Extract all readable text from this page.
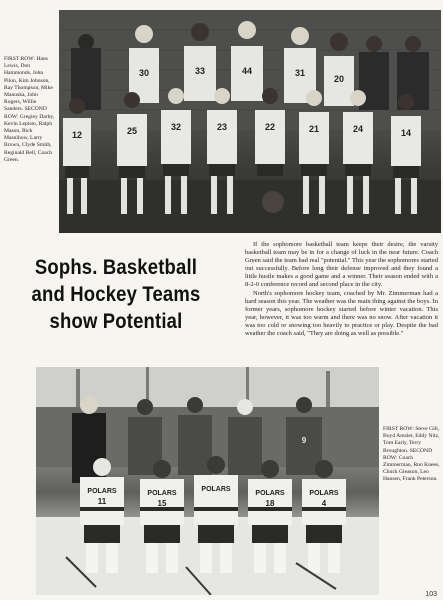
30	33	44	31
20
12	25	32	23	22	21	24	14
FIRST ROW: Hans Lewis, Don Hammonds, John Pilon, Kim Johnson, Ray Thompson, Mike Manuska, John Rogers, Willie Sanders. SECOND ROW: Gregiey Darby, Kevin Lepisto, Ralph Mason, Rick Masnihow, Larry Brown, Clyde Smith, Reginald Bell, Coach Green.
Sophs. Basketball
and Hockey Teams
show Potential

If the sophomore basketball team keeps their desire, the varsity basketball team may be in for a change of luck in the near future. Coach Green said the team had real "potential." This year the sophomores started out successfully. Before long their defense improved and they found a little hustle makes a good game and a winner. Their season ended with a 8-2-0 conference record and second place in the city.

North's sophomore hockey team, coached by Mr. Zimmerman had a hard season this year. The weather was the main thing against the boys. In former years, sophomore hockey started before winter vacation. This year, however, it was too warm and there was no snow. After vacation it was too cold or snowing too heavily to practice or play. Despite the bad weather the coach said, "They are doing as well as possible."

POLARS	POLARS
POLARS
POLARS	POLARS
11	15
9
18	4
FIRST ROW: Steve Gill, Boyd Amsler, Eddy Nitz, Tom Early, Terry Broughton. SECOND ROW: Coach Zimmerman, Ron Knees, Chuck Gleason, Leo Hansen, Frank Peterson.
103
